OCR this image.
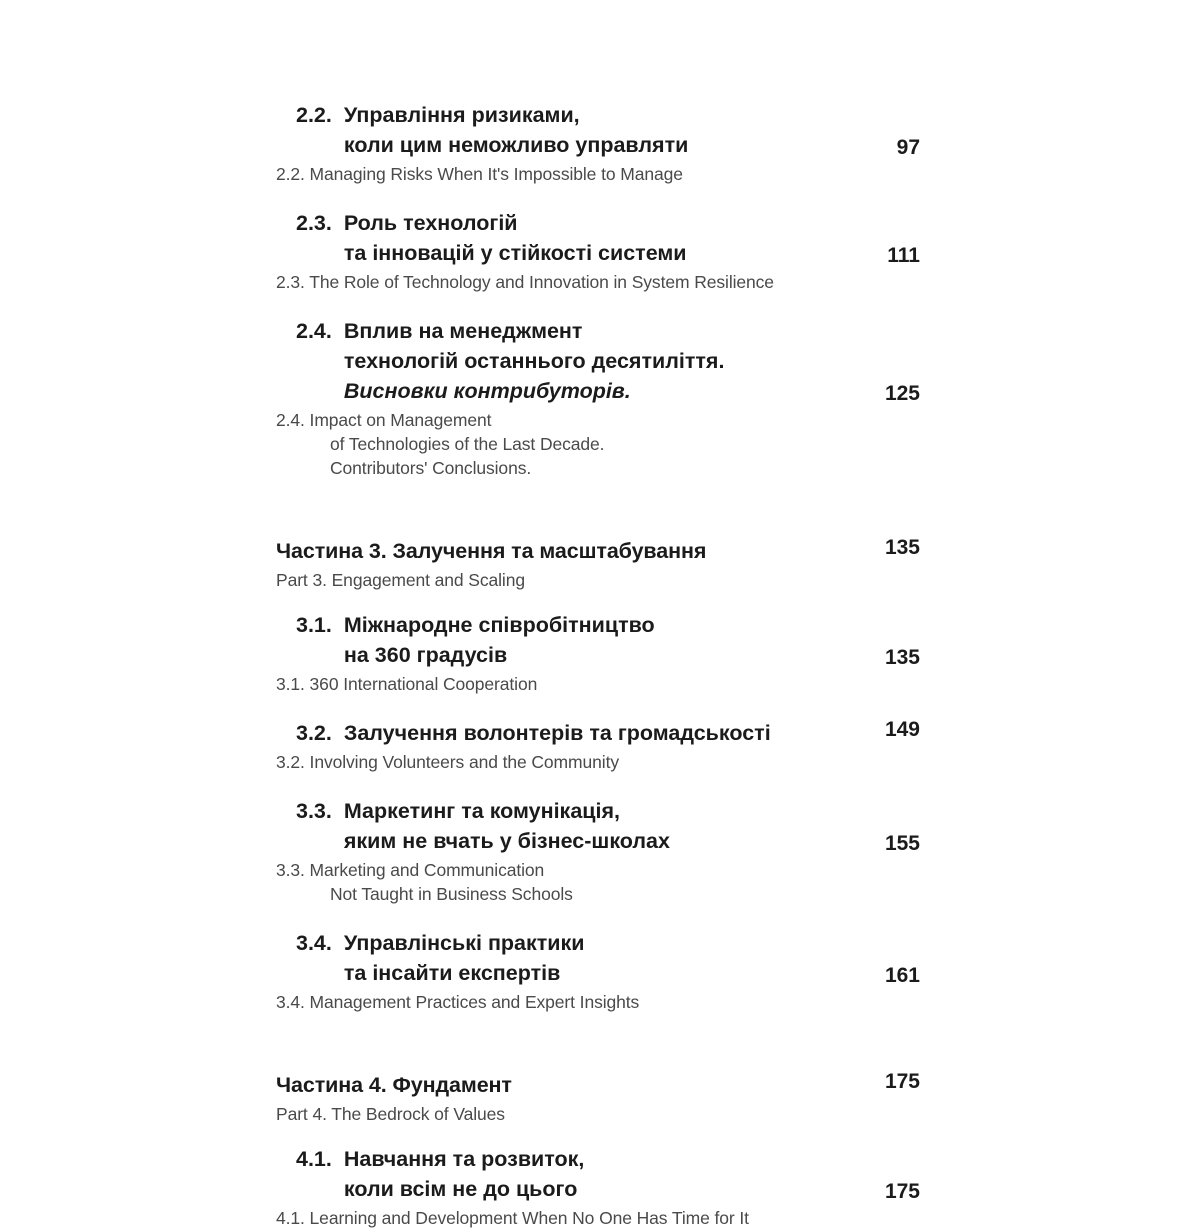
2.2. Управління ризиками,
коли цим неможливо управляти	97
2.2. Managing Risks When It's Impossible to Manage
2.3. Роль технологій
та інновацій у стійкості системи	111
2.3. The Role of Technology and Innovation in System Resilience
2.4. Вплив на менеджмент
технологій останнього десятиліття.
Висновки контрибуторів.	125
2.4. Impact on Management
of Technologies of the Last Decade.
Contributors' Conclusions.
Частина 3. Залучення та масштабування	135
Part 3. Engagement and Scaling
3.1. Міжнародне співробітництво
на 360 градусів	135
3.1. 360 International Cooperation
3.2. Залучення волонтерів та громадськості	149
3.2. Involving Volunteers and the Community
3.3. Маркетинг та комунікація,
яким не вчать у бізнес-школах	155
3.3. Marketing and Communication
Not Taught in Business Schools
3.4. Управлінські практики
та інсайти експертів	161
3.4. Management Practices and Expert Insights
Частина 4. Фундамент	175
Part 4. The Bedrock of Values
4.1. Навчання та розвиток,
коли всім не до цього	175
4.1. Learning and Development When No One Has Time for It
